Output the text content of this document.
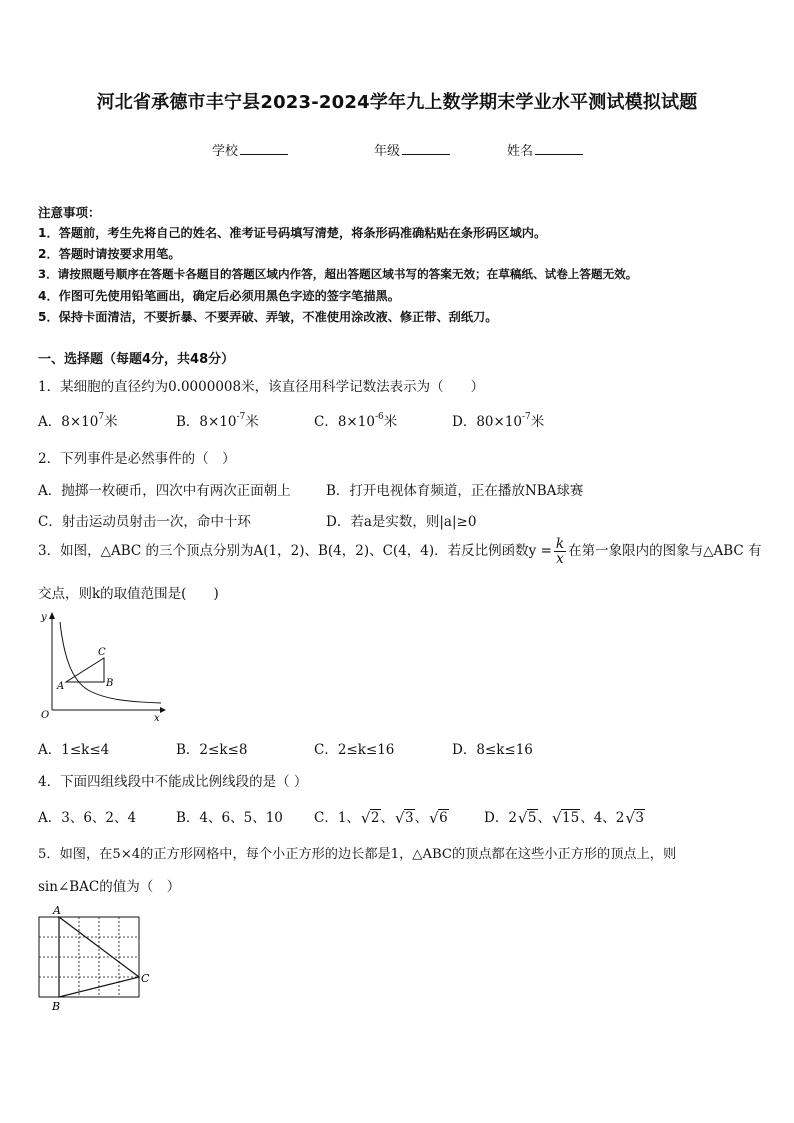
河北省承德市丰宁县2023-2024学年九上数学期末学业水平测试模拟试题
学校	年级	姓名
注意事项：
1．答题前，考生先将自己的姓名、准考证号码填写清楚，将条形码准确粘贴在条形码区域内。
2．答题时请按要求用笔。
3．请按照题号顺序在答题卡各题目的答题区域内作答，超出答题区域书写的答案无效；在草稿纸、试卷上答题无效。
4．作图可先使用铅笔画出，确定后必须用黑色字迹的签字笔描黑。
5．保持卡面清洁，不要折暴、不要弄破、弄皱，不准使用涂改液、修正带、刮纸刀。
一、选择题（每题4分，共48分）
1．某细胞的直径约为0.0000008米，该直径用科学记数法表示为（　　）
A．$8\times 10^7$米	B．$8\times 10^{-7}$米	C．$8\times 10^{-6}$米	D．$80\times 10^{-7}$米
2．下列事件是必然事件的（　）
A．抛掷一枚硬币，四次中有两次正面朝上	B．打开电视体育频道，正在播放NBA球赛
C．射击运动员射击一次，命中十环	D．若a是实数，则|a|≥0
3．如图，△ABC 的三个顶点分别为A(1，2)、B(4，2)、C(4，4)．若反比例函数$y = \frac{k}{x}$ 在第一象限内的图象与△ABC 有
交点，则k的取值范围是(　　)
y
x
O
A	B
C
A．1≤k≤4	B．2≤k≤8	C．2≤k≤16	D．8≤k≤16
4．下面四组线段中不能成比例线段的是（ ）
A．3、6、2、4	B．4、6、5、10 C．1、 √ 2、 √ 3、 √ 6	D．2 √ 5、 √ 15、4、2 √ 3
5．如图，在5×4的正方形网格中，每个小正方形的边长都是1，△ABC的顶点都在这些小正方形的顶点上，则
sin∠BAC的值为（　）
A
B
C
